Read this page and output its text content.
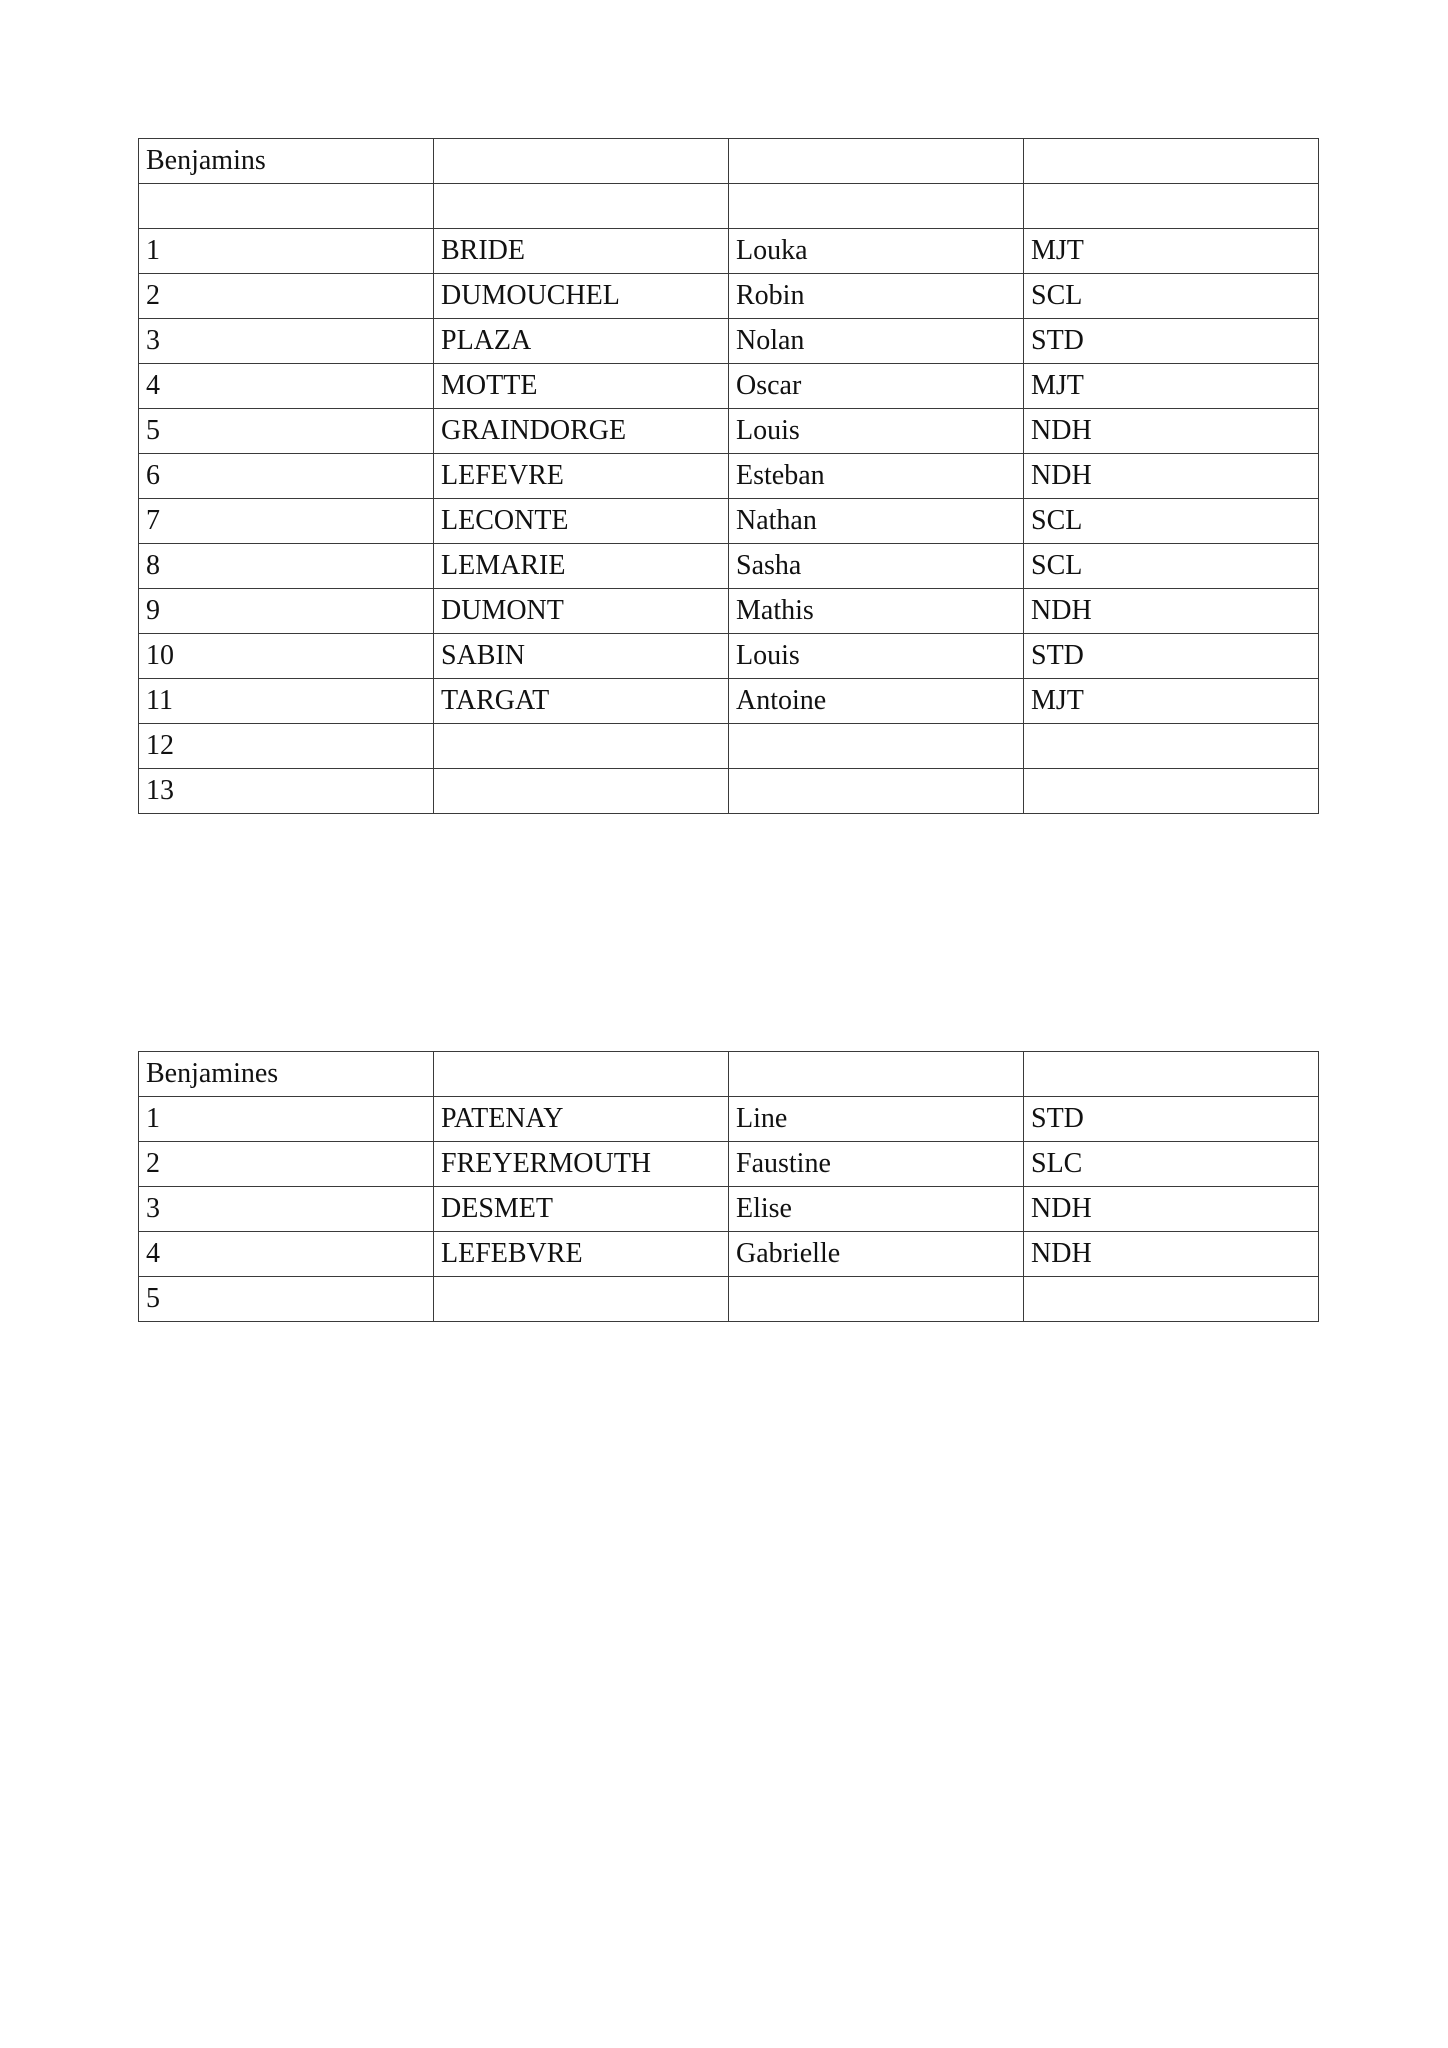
Benjamins			

1	BRIDE	Louka	MJT
2	DUMOUCHEL	Robin	SCL
3	PLAZA	Nolan	STD
4	MOTTE	Oscar	MJT
5	GRAINDORGE	Louis	NDH
6	LEFEVRE	Esteban	NDH
7	LECONTE	Nathan	SCL
8	LEMARIE	Sasha	SCL
9	DUMONT	Mathis	NDH
10	SABIN	Louis	STD
11	TARGAT	Antoine	MJT
12			
13			
Benjamines			
1	PATENAY	Line	STD
2	FREYERMOUTH	Faustine	SLC
3	DESMET	Elise	NDH
4	LEFEBVRE	Gabrielle	NDH
5			
